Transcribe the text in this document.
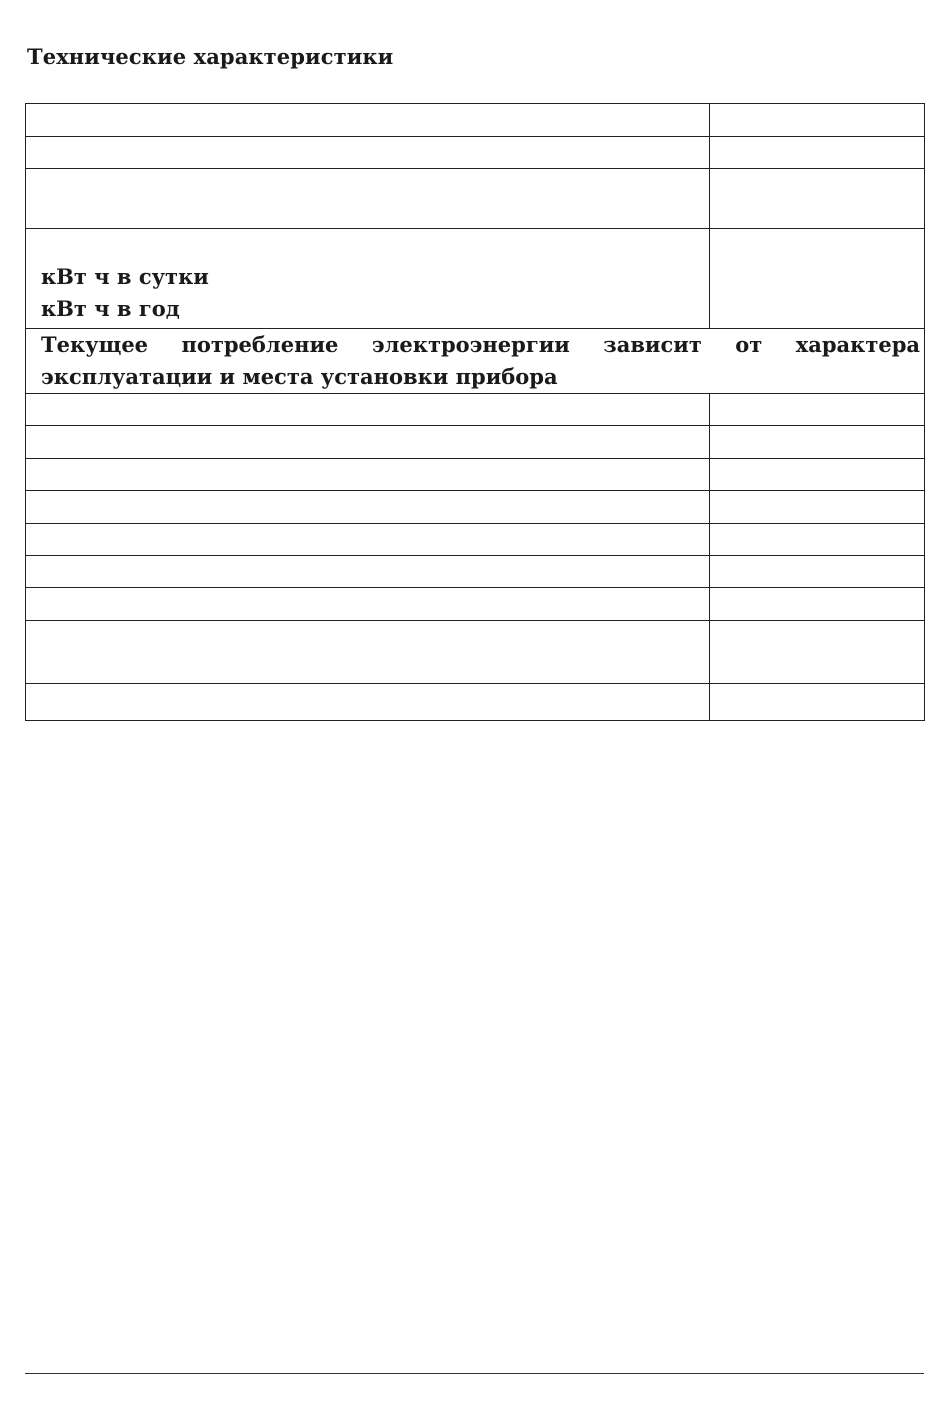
Технические характеристики

кВт ч в сутки
кВт ч в год	

Текущее потребление электроэнергии зависит от характера эксплуатации и места установки прибора	
